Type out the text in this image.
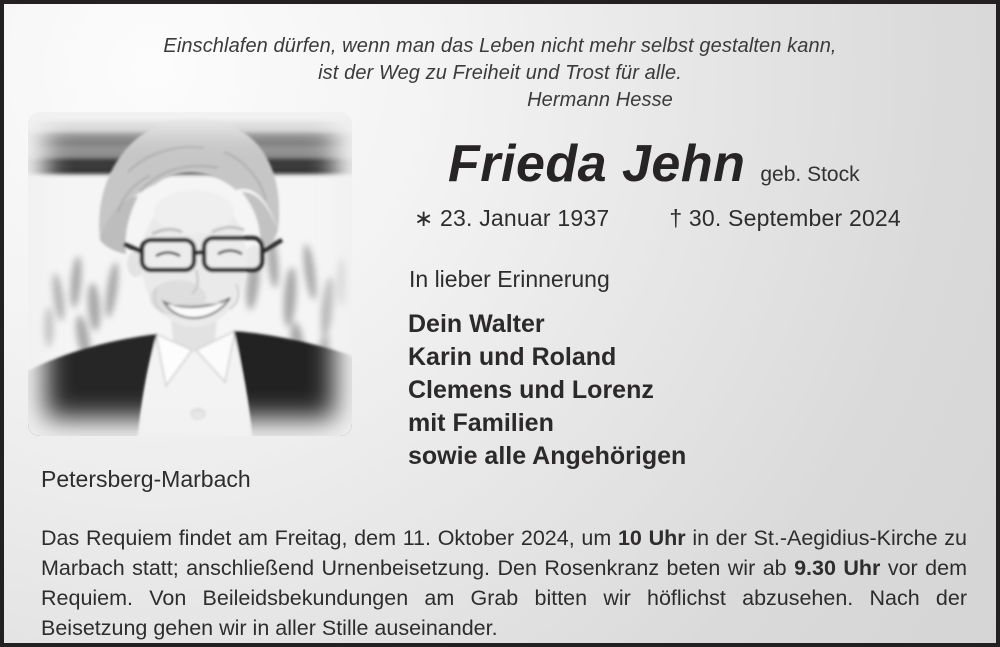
Einschlafen dürfen, wenn man das Leben nicht mehr selbst gestalten kann,
ist der Weg zu Freiheit und Trost für alle.
Hermann Hesse
Frieda Jehn geb. Stock
∗ 23. Januar 1937	† 30. September 2024
In lieber Erinnerung
Dein Walter
Karin und Roland
Clemens und Lorenz
mit Familien
sowie alle Angehörigen
Petersberg-Marbach

Das Requiem findet am Freitag, dem 11. Oktober 2024, um 10 Uhr in der St.-Aegidius-Kirche zu Marbach statt; anschließend Urnenbeisetzung. Den Rosenkranz beten wir ab 9.30 Uhr vor dem Requiem. Von Beileidsbekundungen am Grab bitten wir höflichst abzusehen. Nach der Beisetzung gehen wir in aller Stille auseinander.
